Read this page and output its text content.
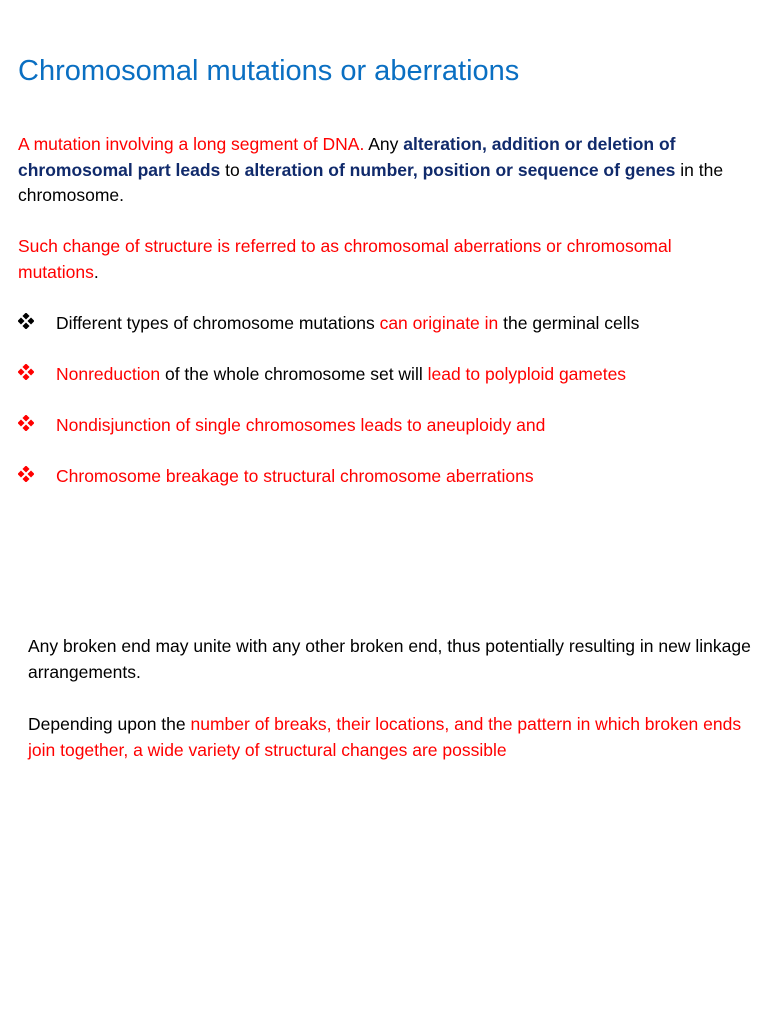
Chromosomal mutations or aberrations

A mutation involving a long segment of DNA. Any alteration, addition or deletion of chromosomal part leads to alteration of number, position or sequence of genes in the chromosome.

Such change of structure is referred to as chromosomal aberrations or chromosomal mutations.

Different types of chromosome mutations can originate in the germinal cells
Nonreduction of the whole chromosome set will lead to polyploid gametes
Nondisjunction of single chromosomes leads to aneuploidy and
Chromosome breakage to structural chromosome aberrations

Any broken end may unite with any other broken end, thus potentially resulting in new linkage arrangements.

Depending upon the number of breaks, their locations, and the pattern in which broken ends join together, a wide variety of structural changes are possible
